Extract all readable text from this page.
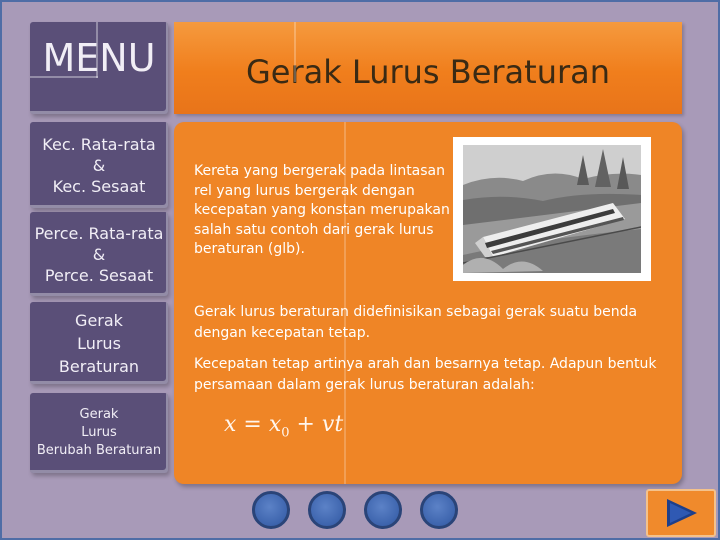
MENU
Kec. Rata-rata
&
Kec. Sesaat
Perce. Rata-rata
&
Perce. Sesaat
Gerak
Lurus
Beraturan
Gerak
Lurus
Berubah Beraturan
Gerak Lurus Beraturan

Kereta yang bergerak pada lintasan rel yang lurus bergerak dengan kecepatan yang konstan merupakan salah satu contoh dari gerak lurus beraturan (glb).

Gerak lurus beraturan didefinisikan sebagai gerak suatu benda dengan kecepatan tetap.

Kecepatan tetap artinya arah dan besarnya tetap. Adapun bentuk persamaan dalam gerak lurus beraturan adalah:

$x = x_0$ + vt
